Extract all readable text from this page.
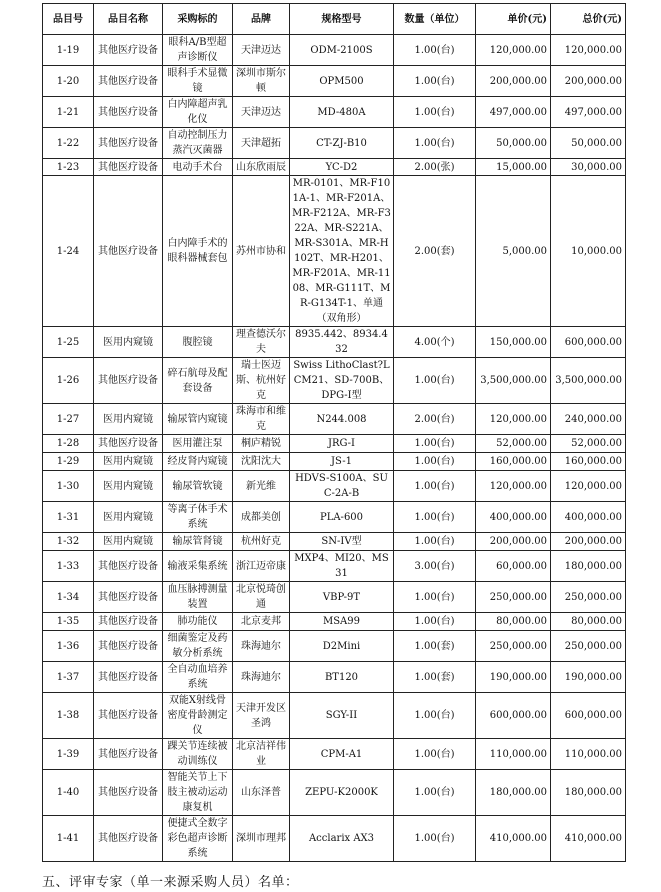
品目号	品目名称	采购标的	品牌	规格型号	数量（单位）	单价(元)	总价(元)
1-19	其他医疗设备	眼科A/B型超声诊断仪	天津迈达	ODM-2100S	1.00(台)	120,000.00	120,000.00
1-20	其他医疗设备	眼科手术显微镜	深圳市斯尔顿	OPM500	1.00(台)	200,000.00	200,000.00
1-21	其他医疗设备	白内障超声乳化仪	天津迈达	MD-480A	1.00(台)	497,000.00	497,000.00
1-22	其他医疗设备	自动控制压力蒸汽灭菌器	天津超拓	CT-ZJ-B10	1.00(台)	50,000.00	50,000.00
1-23	其他医疗设备	电动手术台	山东欣雨辰	YC-D2	2.00(张)	15,000.00	30,000.00
1-24	其他医疗设备	白内障手术的眼科器械套包	苏州市协和	MR-0101、MR-F101A-1、MR-F201A、MR-F212A、MR-F322A、MR-S221A、MR-S301A、MR-H102T、MR-H201、MR-F201A、MR-1108、MR-G111T、MR-G134T-1、单通（双角形）	2.00(套)	5,000.00	10,000.00
1-25	医用内窥镜	腹腔镜	理查德沃尔夫	8935.442、8934.432	4.00(个)	150,000.00	600,000.00
1-26	其他医疗设备	碎石航母及配套设备	瑞士医迈斯、杭州好克	Swiss LithoClast?LCM21、SD-700B、DPG-I型	1.00(台)	3,500,000.00	3,500,000.00
1-27	医用内窥镜	输尿管内窥镜	珠海市和维克	N244.008	2.00(台)	120,000.00	240,000.00
1-28	其他医疗设备	医用灌注泵	桐庐精锐	JRG-I	1.00(台)	52,000.00	52,000.00
1-29	医用内窥镜	经皮肾内窥镜	沈阳沈大	JS-1	1.00(台)	160,000.00	160,000.00
1-30	医用内窥镜	输尿管软镜	新光维	HDVS-S100A、SUC-2A-B	1.00(台)	120,000.00	120,000.00
1-31	医用内窥镜	等离子体手术系统	成都美创	PLA-600	1.00(台)	400,000.00	400,000.00
1-32	医用内窥镜	输尿管肾镜	杭州好克	SN-IV型	1.00(台)	200,000.00	200,000.00
1-33	其他医疗设备	输液采集系统	浙江迈帝康	MXP4、MI20、MS31	3.00(台)	60,000.00	180,000.00
1-34	其他医疗设备	血压脉搏测量装置	北京悦琦创通	VBP-9T	1.00(台)	250,000.00	250,000.00
1-35	其他医疗设备	肺功能仪	北京麦邦	MSA99	1.00(台)	80,000.00	80,000.00
1-36	其他医疗设备	细菌鉴定及药敏分析系统	珠海迪尔	D2Mini	1.00(套)	250,000.00	250,000.00
1-37	其他医疗设备	全自动血培养系统	珠海迪尔	BT120	1.00(套)	190,000.00	190,000.00
1-38	其他医疗设备	双能X射线骨密度骨龄测定仪	天津开发区圣鸿	SGY-II	1.00(台)	600,000.00	600,000.00
1-39	其他医疗设备	踝关节连续被动训练仪	北京洁祥伟业	CPM-A1	1.00(台)	110,000.00	110,000.00
1-40	其他医疗设备	智能关节上下肢主被动运动康复机	山东泽普	ZEPU-K2000K	1.00(台)	180,000.00	180,000.00
1-41	其他医疗设备	便捷式全数字彩色超声诊断系统	深圳市理邦	Acclarix AX3	1.00(台)	410,000.00	410,000.00
五、评审专家（单一来源采购人员）名单：
